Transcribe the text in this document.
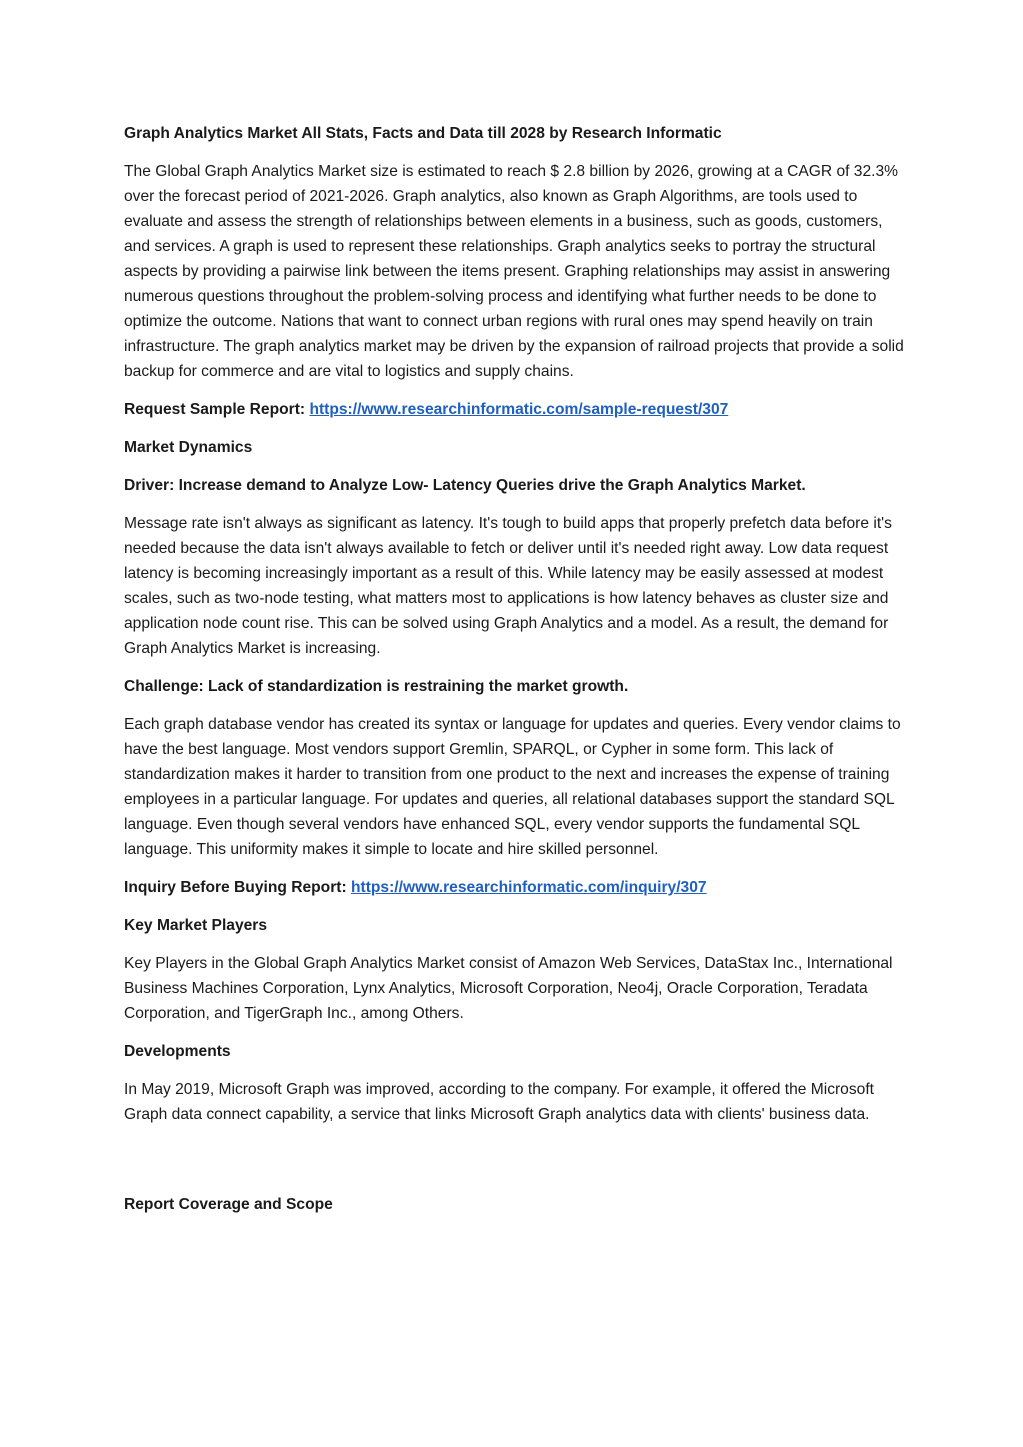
Graph Analytics Market All Stats, Facts and Data till 2028 by Research Informatic

The Global Graph Analytics Market size is estimated to reach $ 2.8 billion by 2026, growing at a CAGR of 32.3% over the forecast period of 2021-2026. Graph analytics, also known as Graph Algorithms, are tools used to evaluate and assess the strength of relationships between elements in a business, such as goods, customers, and services. A graph is used to represent these relationships. Graph analytics seeks to portray the structural aspects by providing a pairwise link between the items present. Graphing relationships may assist in answering numerous questions throughout the problem-solving process and identifying what further needs to be done to optimize the outcome. Nations that want to connect urban regions with rural ones may spend heavily on train infrastructure. The graph analytics market may be driven by the expansion of railroad projects that provide a solid backup for commerce and are vital to logistics and supply chains.

Request Sample Report: https://www.researchinformatic.com/sample-request/307

Market Dynamics

Driver: Increase demand to Analyze Low- Latency Queries drive the Graph Analytics Market.

Message rate isn't always as significant as latency. It's tough to build apps that properly prefetch data before it's needed because the data isn't always available to fetch or deliver until it's needed right away. Low data request latency is becoming increasingly important as a result of this. While latency may be easily assessed at modest scales, such as two-node testing, what matters most to applications is how latency behaves as cluster size and application node count rise. This can be solved using Graph Analytics and a model. As a result, the demand for Graph Analytics Market is increasing.

Challenge: Lack of standardization is restraining the market growth.

Each graph database vendor has created its syntax or language for updates and queries. Every vendor claims to have the best language. Most vendors support Gremlin, SPARQL, or Cypher in some form. This lack of standardization makes it harder to transition from one product to the next and increases the expense of training employees in a particular language. For updates and queries, all relational databases support the standard SQL language. Even though several vendors have enhanced SQL, every vendor supports the fundamental SQL language. This uniformity makes it simple to locate and hire skilled personnel.

Inquiry Before Buying Report: https://www.researchinformatic.com/inquiry/307

Key Market Players

Key Players in the Global Graph Analytics Market consist of Amazon Web Services, DataStax Inc., International Business Machines Corporation, Lynx Analytics, Microsoft Corporation, Neo4j, Oracle Corporation, Teradata Corporation, and TigerGraph Inc., among Others.

Developments

In May 2019, Microsoft Graph was improved, according to the company. For example, it offered the Microsoft Graph data connect capability, a service that links Microsoft Graph analytics data with clients' business data.

Report Coverage and Scope
